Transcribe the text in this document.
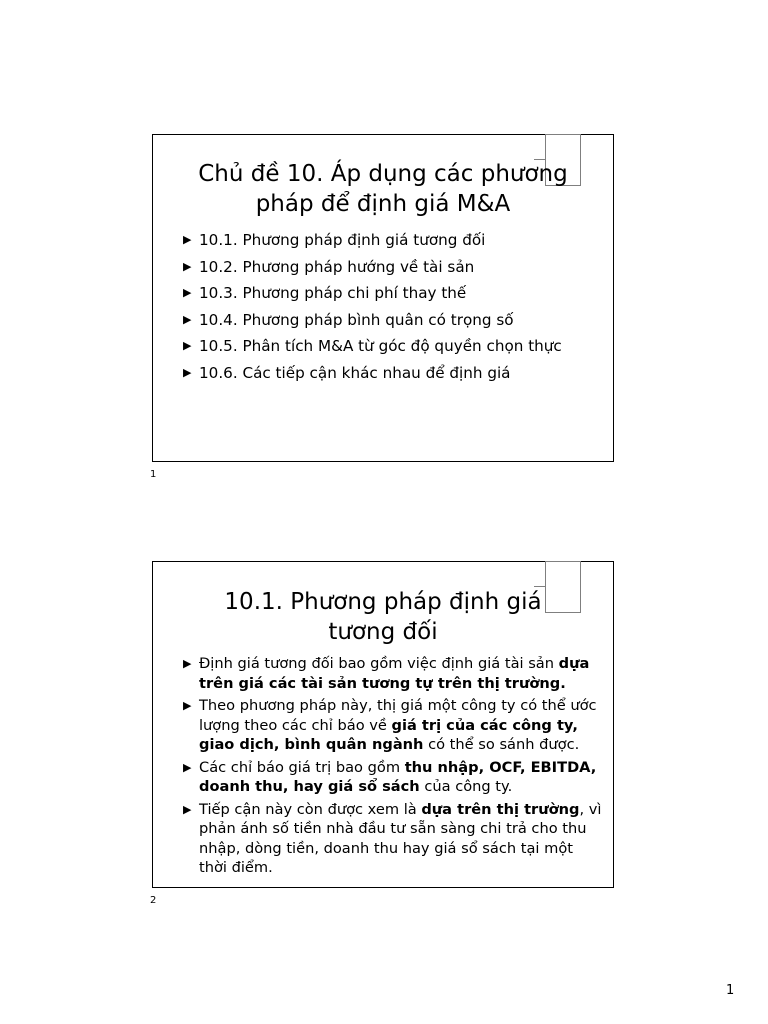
Chủ đề 10. Áp dụng các phương
pháp để định giá M&A
▶ 10.1. Phương pháp định giá tương đối
▶ 10.2. Phương pháp hướng về tài sản
▶ 10.3. Phương pháp chi phí thay thế
▶ 10.4. Phương pháp bình quân có trọng số
▶ 10.5. Phân tích M&A từ góc độ quyền chọn thực
▶ 10.6. Các tiếp cận khác nhau để định giá
1
10.1. Phương pháp định giá
tương đối
▶ Định giá tương đối bao gồm việc định giá tài sản dựa trên giá các tài sản tương tự trên thị trường.
▶ Theo phương pháp này, thị giá một công ty có thể ước lượng theo các chỉ báo về giá trị của các công ty, giao dịch, bình quân ngành có thể so sánh được.
▶ Các chỉ báo giá trị bao gồm thu nhập, OCF, EBITDA, doanh thu, hay giá sổ sách của công ty.
▶ Tiếp cận này còn được xem là dựa trên thị trường, vì phản ánh số tiền nhà đầu tư sẵn sàng chi trả cho thu nhập, dòng tiền, doanh thu hay giá sổ sách tại một thời điểm.
2
1
